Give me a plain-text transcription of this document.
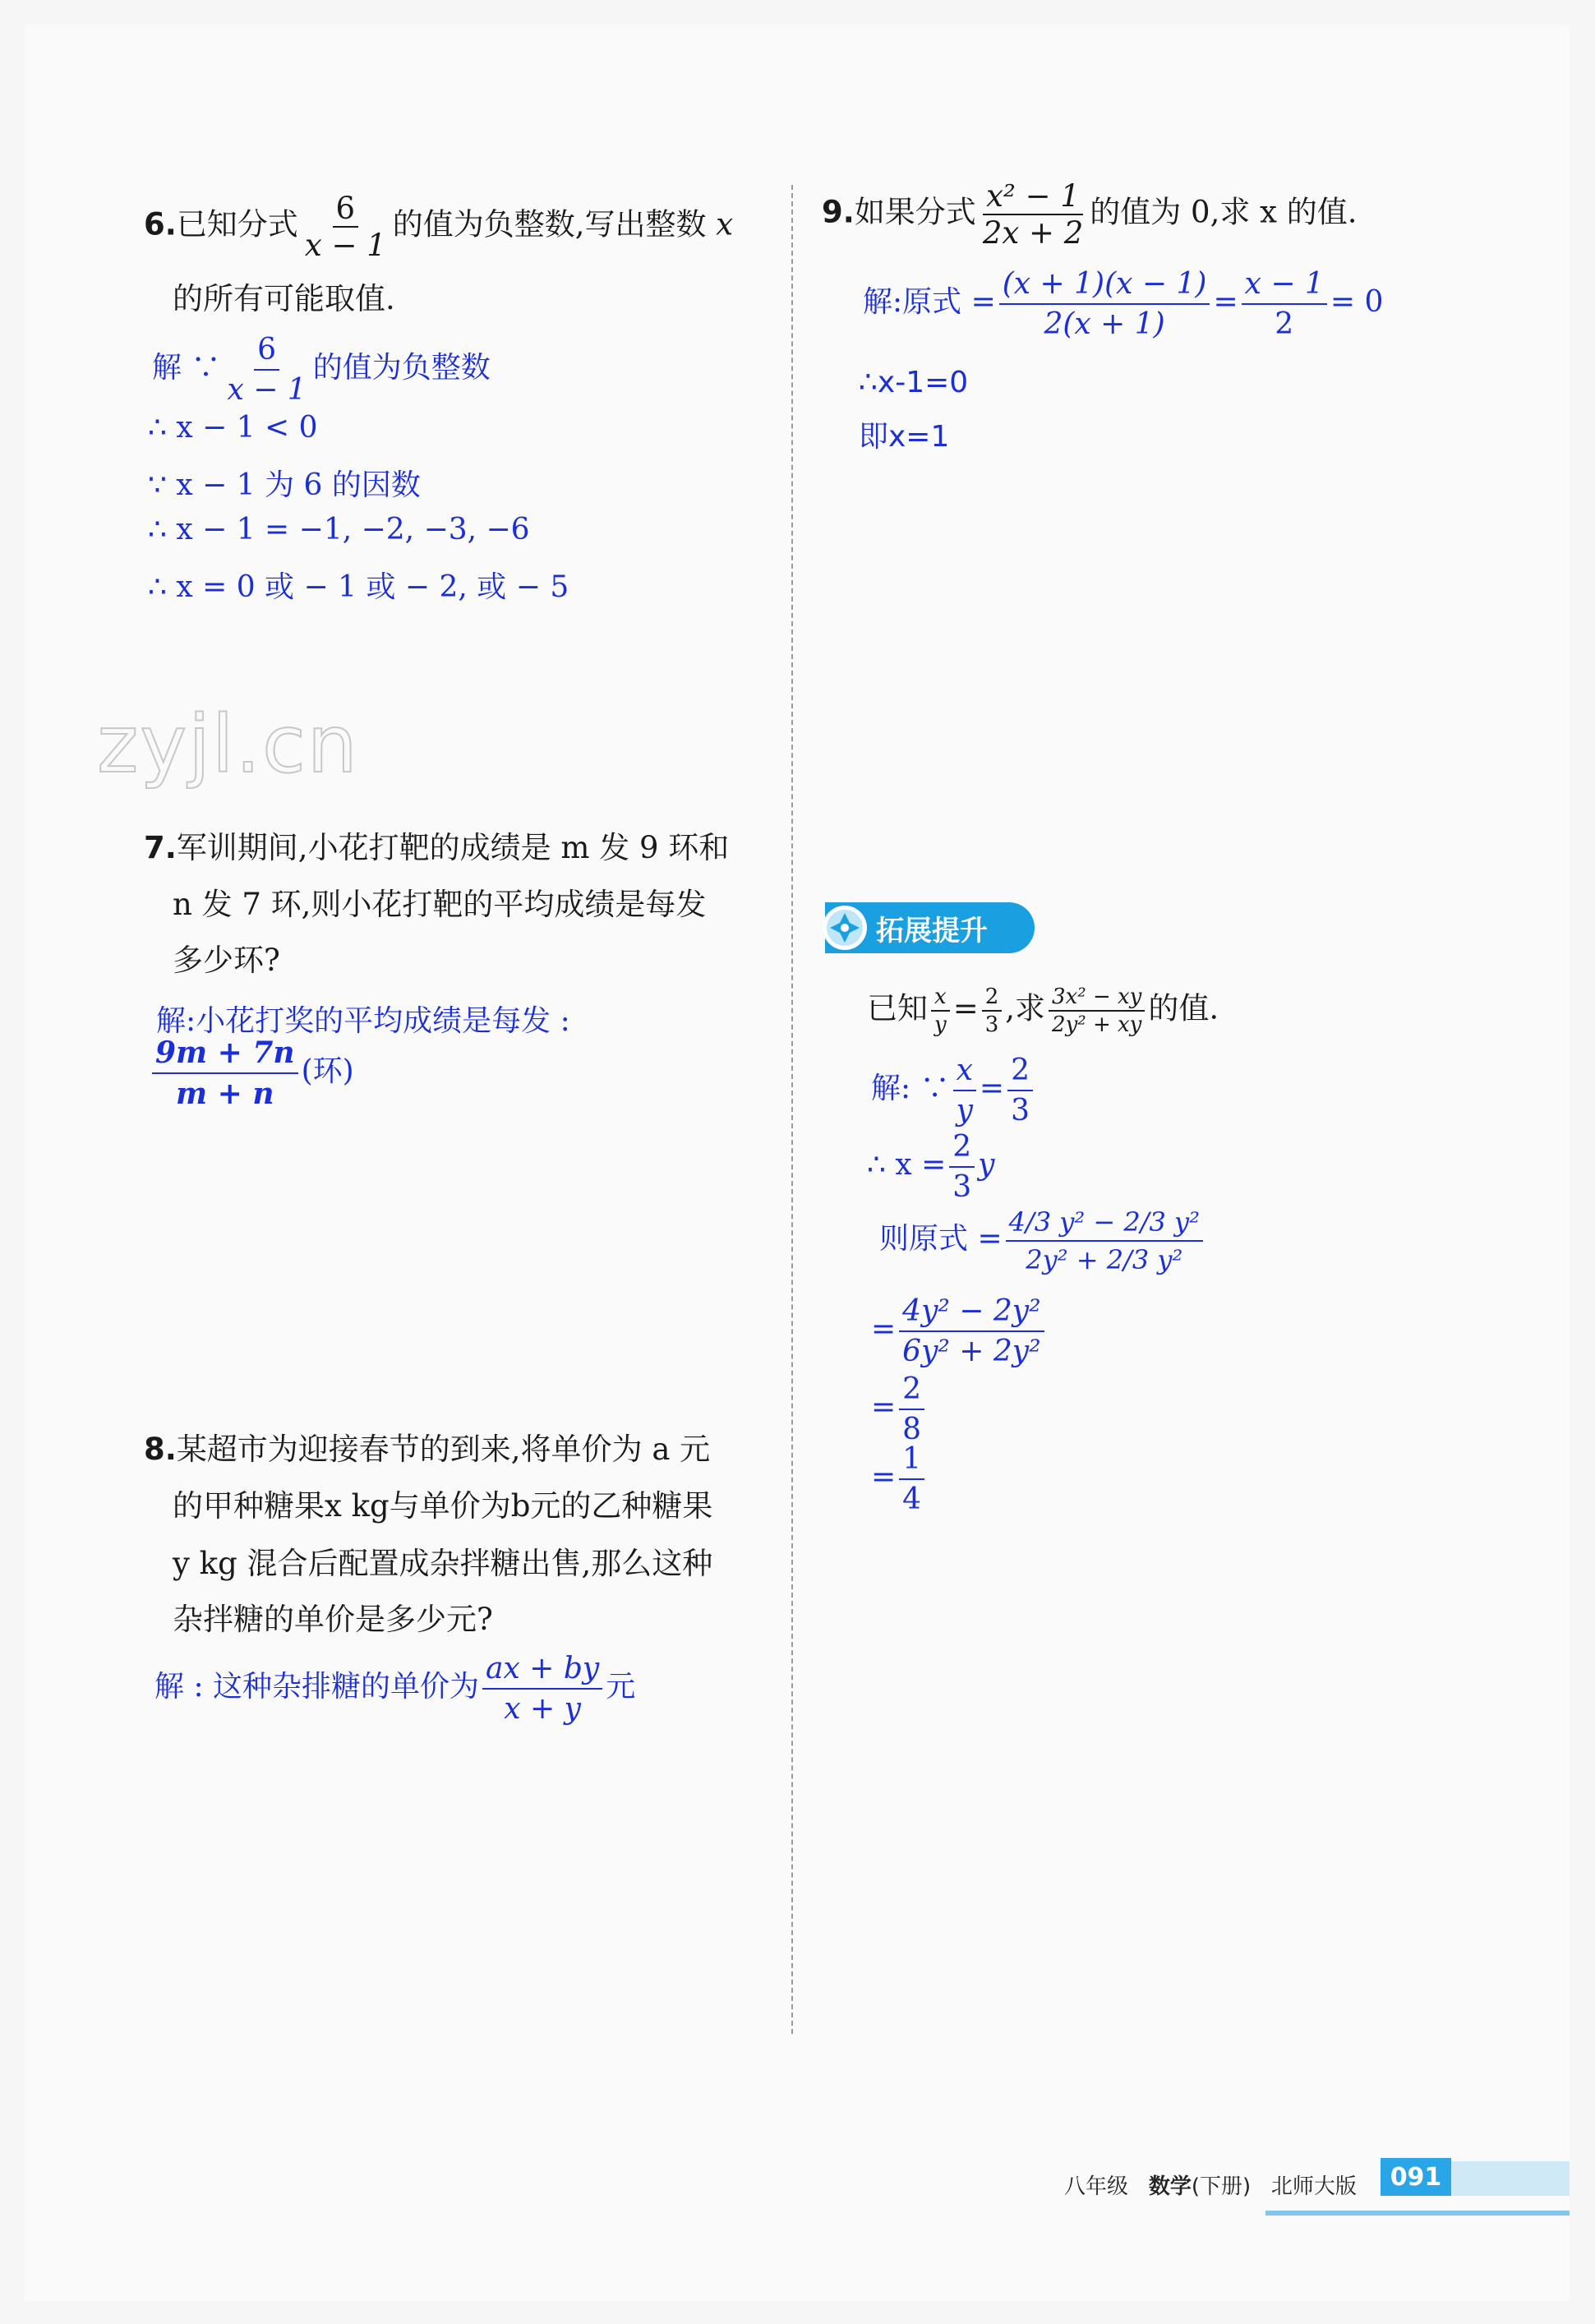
6.已知分式 $\frac{6}{x - 1}$ 的值为负整数,写出整数 x
的所有可能取值.
解 ∵ $\frac{6}{x - 1}$ 的值为负整数
∴ x − 1 < 0
∵ x − 1 为 6 的因数
∴ x − 1 = −1, −2, −3, −6
∴ x = 0 或 − 1 或 − 2, 或 − 5
zyjl.cn
7.军训期间,小花打靶的成绩是 m 发 9 环和
n 发 7 环,则小花打靶的平均成绩是每发
多少环?
解:小花打奖的平均成绩是每发 :
$\frac{9m + 7n}{m + n}$ (环)
8.某超市为迎接春节的到来,将单价为 a 元
的甲种糖果x kg与单价为b元的乙种糖果
y kg 混合后配置成杂拌糖出售,那么这种
杂拌糖的单价是多少元?
解 : 这种杂排糖的单价为 $\frac{ax + by}{x + y}$ 元
9.如果分式 $\frac{\text{x² − 1}}{2x + 2}$ 的值为 0,求 x 的值.
解:原式 = $\frac{(x + 1)(x - 1)}{2(x + 1)} = \frac{x - 1}{2} = 0$
∴x-1=0
即x=1
拓展提升
已知 $\frac{x}{y} = \frac{2}{3}$ ,求 $\frac{\text{3x² − xy}}{\text{2y² + xy}}$ 的值.
解: ∵ $\frac{x}{y} = \frac{2}{3}$
∴ $x = \frac{2}{3}$ y
则原式 = $\frac{\text{4/3 y² − 2/3 y²}}{\text{2y² + 2/3 y²}}$
= $\frac{\text{4y² − 2y²}}{\text{6y² + 2y²}}$
= $\frac{2}{8}$
= $\frac{1}{4}$
八年级 数学(下册) 北师大版	091
